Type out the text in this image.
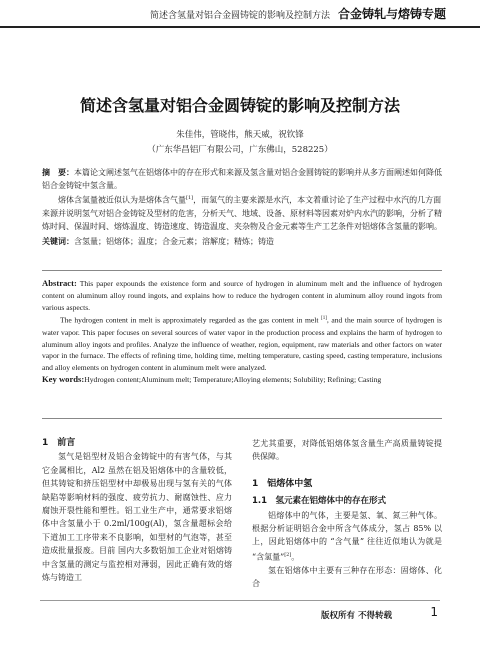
简述含氢量对铝合金圆铸锭的影响及控制方法 合金铸轧与熔铸专题
简述含氢量对铝合金圆铸锭的影响及控制方法
朱佳伟，管晓伟，熊天威，祝钦锋
（广东华昌铝厂有限公司，广东佛山，528225）

摘　要：本篇论文阐述氢气在铝熔体中的存在形式和来源及氢含量对铝合金圆铸锭的影响并从多方面阐述如何降低铝合金铸锭中氢含量。

熔体含氢量被近似认为是熔体含气量[1]，而氢气的主要来源是水汽，本文着重讨论了生产过程中水汽的几方面来源并说明氢气对铝合金铸锭及型材的危害，分析天气、地域、设备、原材料等因素对炉内水汽的影响，分析了精炼时间、保温时间、熔炼温度、铸造速度、铸造温度、夹杂物及合金元素等生产工艺条件对铝熔体含氢量的影响。

关键词：含氢量；铝熔体；温度；合金元素；溶解度；精炼；铸造

Abstract: This paper expounds the existence form and source of hydrogen in aluminum melt and the influence of hydrogen content on aluminum alloy round ingots, and explains how to reduce the hydrogen content in aluminum alloy round ingots from various aspects.

The hydrogen content in melt is approximately regarded as the gas content in melt [1], and the main source of hydrogen is water vapor. This paper focuses on several sources of water vapor in the production process and explains the harm of hydrogen to aluminum alloy ingots and profiles. Analyze the influence of weather, region, equipment, raw materials and other factors on water vapor in the furnace. The effects of refining time, holding time, melting temperature, casting speed, casting temperature, inclusions and alloy elements on hydrogen content in aluminum melt were analyzed.

Key words:Hydrogen content;Aluminum melt; Temperature;Alloying elements; Solubility; Refining; Casting

1　前言

氢气是铝型材及铝合金铸锭中的有害气体，与其它金属相比，Al2 虽然在铝及铝熔体中的含量较低，但其铸锭和挤压铝型材中却极易出现与氢有关的气体缺陷等影响材料的强度、疲劳抗力、耐腐蚀性、应力腐蚀开裂性能和塑性。铝工业生产中，通常要求铝熔体中含氢量小于 0.2ml/100g(Al)，氢含量超标会给下道加工工序带来不良影响，如型材的气泡等，甚至造成批量报废。目前 国内大多数铝加工企业对铝熔铸中含氢量的测定与监控相对薄弱，因此正确有效的熔炼与铸造工

艺尤其重要，对降低铝熔体氢含量生产高质量铸锭提供保障。

1　铝熔体中氢

1.1　氢元素在铝熔体中的存在形式

铝熔体中的气体，主要是氢、氧、氮三种气体。根据分析证明铝合金中所含气体成分，氢占 85% 以上，因此铝熔体中的 “含气量” 往往近似地认为就是 “含氢量”[2]。

氢在铝熔体中主要有三种存在形态：固熔体、化合

版权所有 不得转载	1
